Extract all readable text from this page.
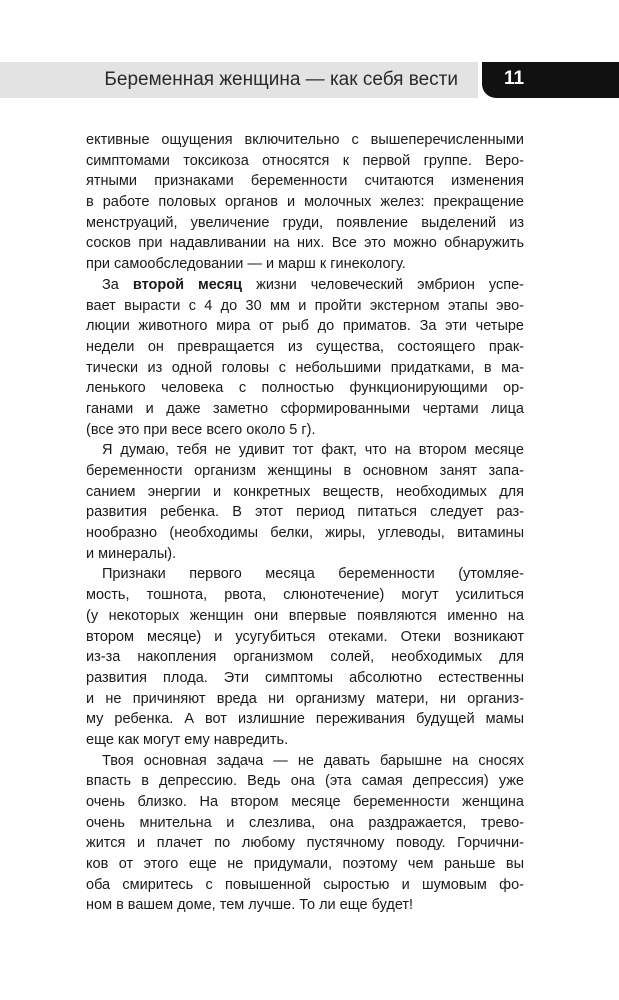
Беременная женщина — как себя вести 11
ективные ощущения включительно с вышеперечисленными
симптомами токсикоза относятся к первой группе. Веро-
ятными признаками беременности считаются изменения
в работе половых органов и молочных желез: прекращение
менструаций, увеличение груди, появление выделений из
сосков при надавливании на них. Все это можно обнаружить
при самообследовании — и марш к гинекологу.
За второй месяц жизни человеческий эмбрион успе-
вает вырасти с 4 до 30 мм и пройти экстерном этапы эво-
люции животного мира от рыб до приматов. За эти четыре
недели он превращается из существа, состоящего прак-
тически из одной головы с небольшими придатками, в ма-
ленького человека с полностью функционирующими ор-
ганами и даже заметно сформированными чертами лица
(все это при весе всего около 5 г).
Я думаю, тебя не удивит тот факт, что на втором месяце
беременности организм женщины в основном занят запа-
санием энергии и конкретных веществ, необходимых для
развития ребенка. В этот период питаться следует раз-
нообразно (необходимы белки, жиры, углеводы, витамины
и минералы).
Признаки первого месяца беременности (утомляе-
мость, тошнота, рвота, слюнотечение) могут усилиться
(у некоторых женщин они впервые появляются именно на
втором месяце) и усугубиться отеками. Отеки возникают
из-за накопления организмом солей, необходимых для
развития плода. Эти симптомы абсолютно естественны
и не причиняют вреда ни организму матери, ни организ-
му ребенка. А вот излишние переживания будущей мамы
еще как могут ему навредить.
Твоя основная задача — не давать барышне на сносях
впасть в депрессию. Ведь она (эта самая депрессия) уже
очень близко. На втором месяце беременности женщина
очень мнительна и слезлива, она раздражается, трево-
жится и плачет по любому пустячному поводу. Горчични-
ков от этого еще не придумали, поэтому чем раньше вы
оба смиритесь с повышенной сыростью и шумовым фо-
ном в вашем доме, тем лучше. То ли еще будет!
